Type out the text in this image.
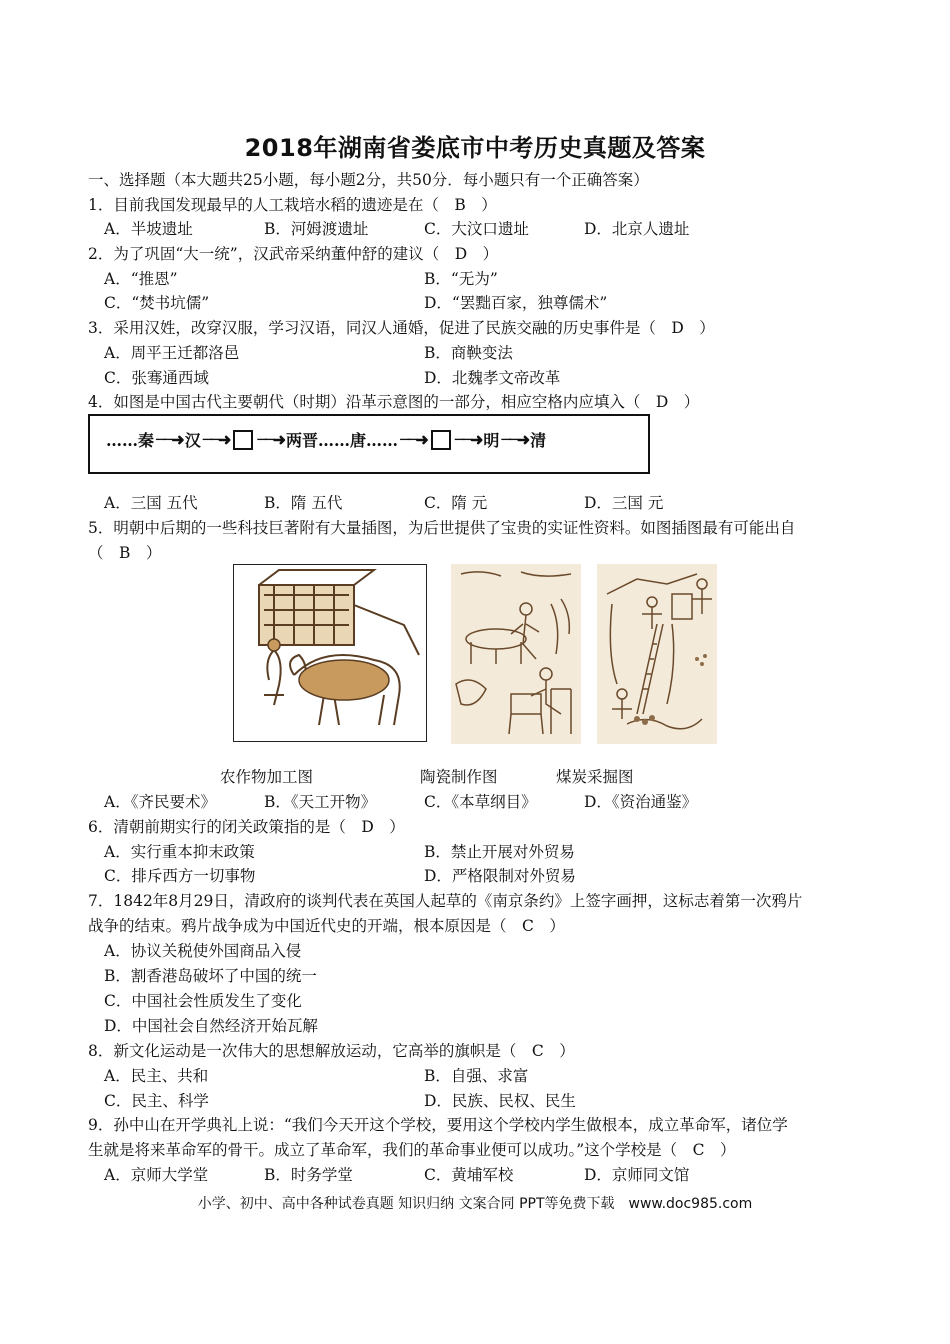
2018年湖南省娄底市中考历史真题及答案
一、选择题（本大题共25小题，每小题2分，共50分．每小题只有一个正确答案）
1．目前我国发现最早的人工栽培水稻的遗迹是在（　B　）
A．半坡遗址	B．河姆渡遗址	C．大汶口遗址	D．北京人遗址
2．为了巩固“大一统”，汉武帝采纳董仲舒的建议（　D　）
A．“推恩”	B．“无为”
C．“焚书坑儒”	D．“罢黜百家，独尊儒术”
3．采用汉姓，改穿汉服，学习汉语，同汉人通婚，促进了民族交融的历史事件是（　D　）
A．周平王迁都洛邑	B．商鞅变法
C．张骞通西域	D．北魏孝文帝改革
4．如图是中国古代主要朝代（时期）沿革示意图的一部分，相应空格内应填入（　D　）
……秦 ──➜ 汉 ──➜ ──➜ 两晋……唐…… ──➜ ──➜ 明 ──➜ 清
A．三国 五代	B．隋 五代	C．隋 元	D．三国 元
5．明朝中后期的一些科技巨著附有大量插图，为后世提供了宝贵的实证性资料。如图插图最有可能出自
（　B　）
农作物加工图	陶瓷制作图	煤炭采掘图
A．《齐民要术》	B．《天工开物》	C．《本草纲目》	D．《资治通鉴》
6．清朝前期实行的闭关政策指的是（　D　）
A．实行重本抑末政策	B．禁止开展对外贸易
C．排斥西方一切事物	D．严格限制对外贸易
7．1842年8月29日，清政府的谈判代表在英国人起草的《南京条约》上签字画押，这标志着第一次鸦片
战争的结束。鸦片战争成为中国近代史的开端，根本原因是（　C　）
A．协议关税使外国商品入侵
B．割香港岛破坏了中国的统一
C．中国社会性质发生了变化
D．中国社会自然经济开始瓦解
8．新文化运动是一次伟大的思想解放运动，它高举的旗帜是（　C　）
A．民主、共和	B．自强、求富
C．民主、科学	D．民族、民权、民生
9．孙中山在开学典礼上说：“我们今天开这个学校，要用这个学校内学生做根本，成立革命军，诸位学
生就是将来革命军的骨干。成立了革命军，我们的革命事业便可以成功。”这个学校是（　C　）
A．京师大学堂	B．时务学堂	C．黄埔军校	D．京师同文馆
小学、初中、高中各种试卷真题 知识归纳 文案合同 PPT等免费下载　www.doc985.com
